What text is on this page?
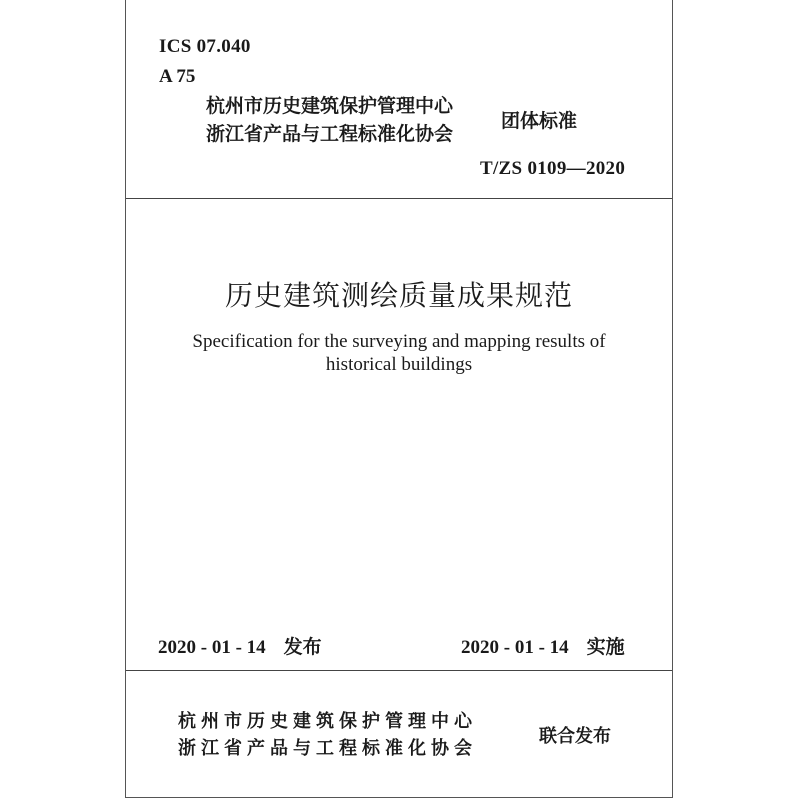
ICS 07.040
A 75
杭州市历史建筑保护管理中心
浙江省产品与工程标准化协会
团体标准
T/ZS 0109—2020
历史建筑测绘质量成果规范
Specification for the surveying and mapping results of
historical buildings
2020 - 01 - 14 发布	2020 - 01 - 14 实施
杭州市历史建筑保护管理中心
浙江省产品与工程标准化协会
联合发布
